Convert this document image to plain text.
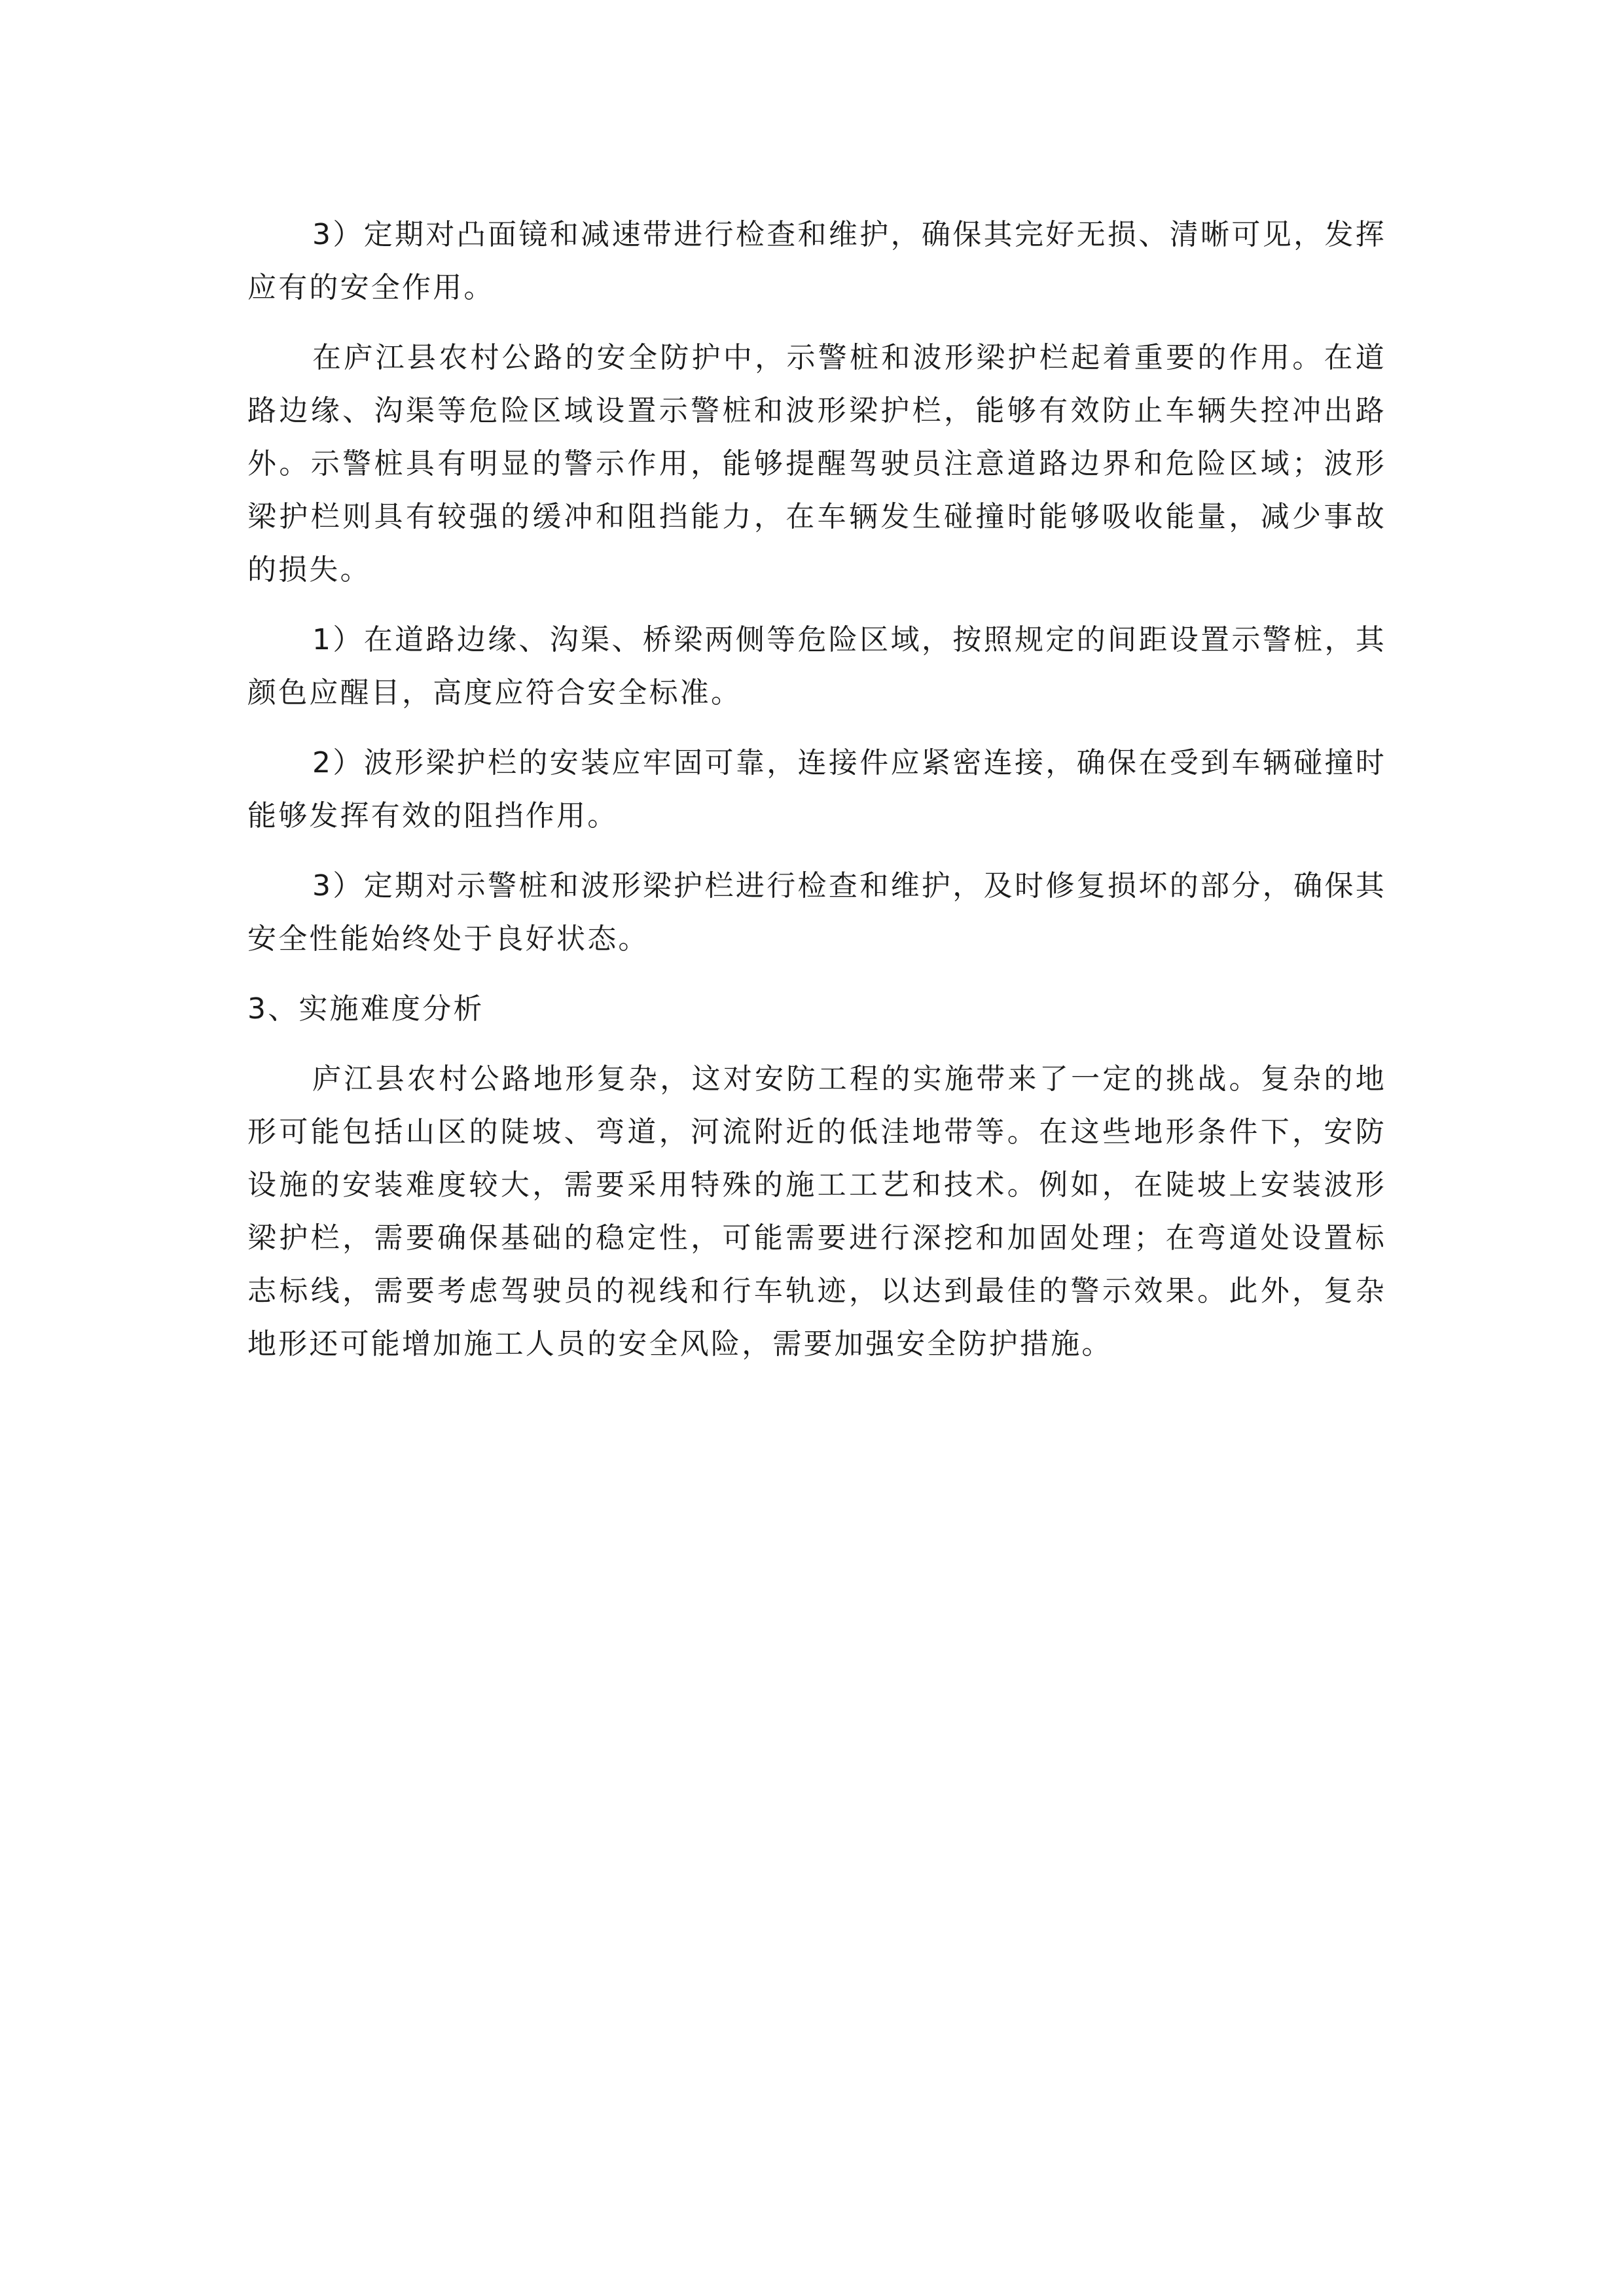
3）定期对凸面镜和减速带进行检查和维护，确保其完好无损、清晰可见，发挥应有的安全作用。

在庐江县农村公路的安全防护中，示警桩和波形梁护栏起着重要的作用。在道路边缘、沟渠等危险区域设置示警桩和波形梁护栏，能够有效防止车辆失控冲出路外。示警桩具有明显的警示作用，能够提醒驾驶员注意道路边界和危险区域；波形梁护栏则具有较强的缓冲和阻挡能力，在车辆发生碰撞时能够吸收能量，减少事故的损失。

1）在道路边缘、沟渠、桥梁两侧等危险区域，按照规定的间距设置示警桩，其颜色应醒目，高度应符合安全标准。

2）波形梁护栏的安装应牢固可靠，连接件应紧密连接，确保在受到车辆碰撞时能够发挥有效的阻挡作用。

3）定期对示警桩和波形梁护栏进行检查和维护，及时修复损坏的部分，确保其安全性能始终处于良好状态。

3、实施难度分析

庐江县农村公路地形复杂，这对安防工程的实施带来了一定的挑战。复杂的地形可能包括山区的陡坡、弯道，河流附近的低洼地带等。在这些地形条件下，安防设施的安装难度较大，需要采用特殊的施工工艺和技术。例如，在陡坡上安装波形梁护栏，需要确保基础的稳定性，可能需要进行深挖和加固处理；在弯道处设置标志标线，需要考虑驾驶员的视线和行车轨迹，以达到最佳的警示效果。此外，复杂地形还可能增加施工人员的安全风险，需要加强安全防护措施。
